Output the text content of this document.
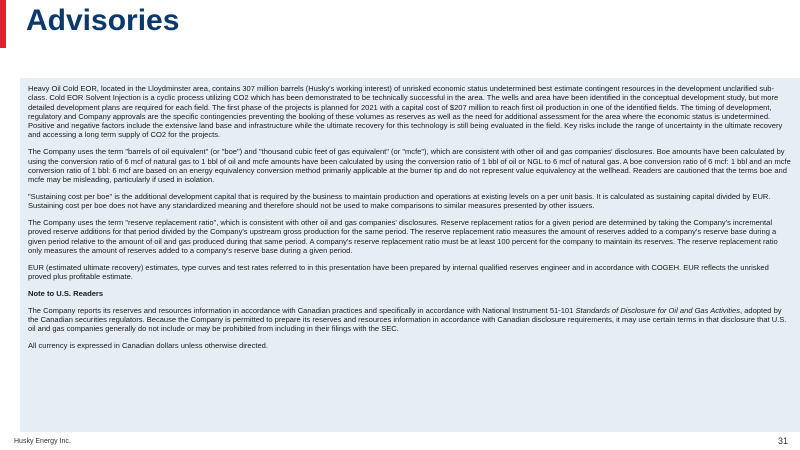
Advisories

Heavy Oil Cold EOR, located in the Lloydminster area, contains 307 million barrels (Husky's working interest) of unrisked economic status undetermined best estimate contingent resources in the development unclarified sub-class. Cold EOR Solvent Injection is a cyclic process utilizing CO2 which has been demonstrated to be technically successful in the area. The wells and area have been identified in the conceptual development study, but more detailed development plans are required for each field. The first phase of the projects is planned for 2021 with a capital cost of $207 million to reach first oil production in one of the identified fields. The timing of development, regulatory and Company approvals are the specific contingencies preventing the booking of these volumes as reserves as well as the need for additional assessment for the area where the economic status is undetermined. Positive and negative factors include the extensive land base and infrastructure while the ultimate recovery for this technology is still being evaluated in the field. Key risks include the range of uncertainty in the ultimate recovery and accessing a long term supply of CO2 for the projects.

The Company uses the term "barrels of oil equivalent" (or "boe") and "thousand cubic feet of gas equivalent" (or "mcfe"), which are consistent with other oil and gas companies' disclosures. Boe amounts have been calculated by using the conversion ratio of 6 mcf of natural gas to 1 bbl of oil and mcfe amounts have been calculated by using the conversion ratio of 1 bbl of oil or NGL to 6 mcf of natural gas. A boe conversion ratio of 6 mcf: 1 bbl and an mcfe conversion ratio of 1 bbl: 6 mcf are based on an energy equivalency conversion method primarily applicable at the burner tip and do not represent value equivalency at the wellhead. Readers are cautioned that the terms boe and mcfe may be misleading, particularly if used in isolation.

"Sustaining cost per boe" is the additional development capital that is required by the business to maintain production and operations at existing levels on a per unit basis. It is calculated as sustaining capital divided by EUR. Sustaining cost per boe does not have any standardized meaning and therefore should not be used to make comparisons to similar measures presented by other issuers.

The Company uses the term "reserve replacement ratio", which is consistent with other oil and gas companies' disclosures. Reserve replacement ratios for a given period are determined by taking the Company's incremental proved reserve additions for that period divided by the Company's upstream gross production for the same period. The reserve replacement ratio measures the amount of reserves added to a company's reserve base during a given period relative to the amount of oil and gas produced during that same period. A company's reserve replacement ratio must be at least 100 percent for the company to maintain its reserves. The reserve replacement ratio only measures the amount of reserves added to a company's reserve base during a given period.

EUR (estimated ultimate recovery) estimates, type curves and test rates referred to in this presentation have been prepared by internal qualified reserves engineer and in accordance with COGEH. EUR reflects the unrisked proved plus profitable estimate.

Note to U.S. Readers

The Company reports its reserves and resources information in accordance with Canadian practices and specifically in accordance with National Instrument 51-101 Standards of Disclosure for Oil and Gas Activities, adopted by the Canadian securities regulators. Because the Company is permitted to prepare its reserves and resources information in accordance with Canadian disclosure requirements, it may use certain terms in that disclosure that U.S. oil and gas companies generally do not include or may be prohibited from including in their filings with the SEC.

All currency is expressed in Canadian dollars unless otherwise directed.

Husky Energy Inc.	31
